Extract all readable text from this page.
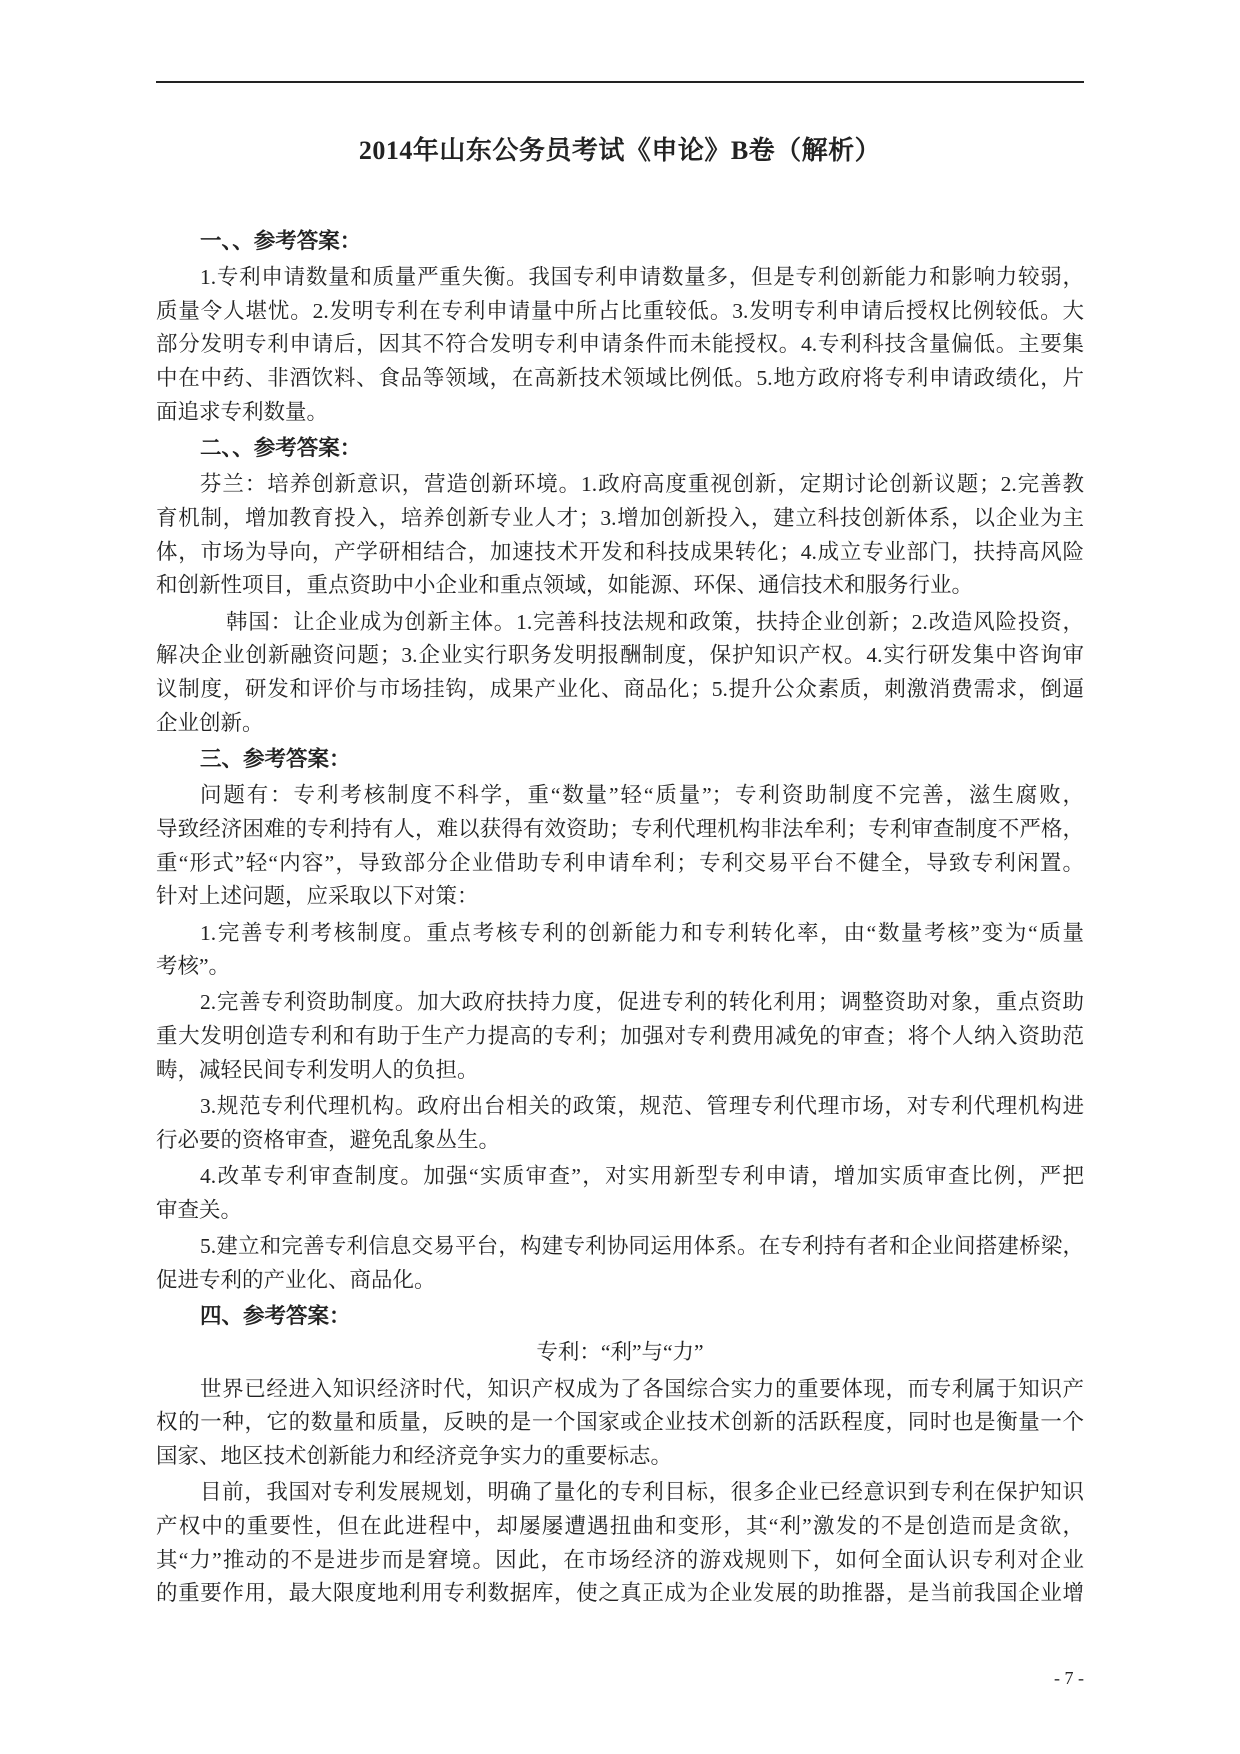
2014年山东公务员考试《申论》B卷（解析）
一、、参考答案：
1.专利申请数量和质量严重失衡。我国专利申请数量多，但是专利创新能力和影响力较弱，
质量令人堪忧。2.发明专利在专利申请量中所占比重较低。3.发明专利申请后授权比例较低。大
部分发明专利申请后，因其不符合发明专利申请条件而未能授权。4.专利科技含量偏低。主要集
中在中药、非酒饮料、食品等领域，在高新技术领域比例低。5.地方政府将专利申请政绩化，片
面追求专利数量。
二、、参考答案：
芬兰：培养创新意识，营造创新环境。1.政府高度重视创新，定期讨论创新议题；2.完善教
育机制，增加教育投入，培养创新专业人才；3.增加创新投入，建立科技创新体系，以企业为主
体，市场为导向，产学研相结合，加速技术开发和科技成果转化；4.成立专业部门，扶持高风险
和创新性项目，重点资助中小企业和重点领域，如能源、环保、通信技术和服务行业。
韩国：让企业成为创新主体。1.完善科技法规和政策，扶持企业创新；2.改造风险投资，
解决企业创新融资问题；3.企业实行职务发明报酬制度，保护知识产权。4.实行研发集中咨询审
议制度，研发和评价与市场挂钩，成果产业化、商品化；5.提升公众素质，刺激消费需求，倒逼
企业创新。
三、参考答案：
问题有：专利考核制度不科学，重“数量”轻“质量”；专利资助制度不完善，滋生腐败，
导致经济困难的专利持有人，难以获得有效资助；专利代理机构非法牟利；专利审查制度不严格，
重“形式”轻“内容”，导致部分企业借助专利申请牟利；专利交易平台不健全，导致专利闲置。
针对上述问题，应采取以下对策：
1.完善专利考核制度。重点考核专利的创新能力和专利转化率，由“数量考核”变为“质量
考核”。
2.完善专利资助制度。加大政府扶持力度，促进专利的转化利用；调整资助对象，重点资助
重大发明创造专利和有助于生产力提高的专利；加强对专利费用减免的审查；将个人纳入资助范
畴，减轻民间专利发明人的负担。
3.规范专利代理机构。政府出台相关的政策，规范、管理专利代理市场，对专利代理机构进
行必要的资格审查，避免乱象丛生。
4.改革专利审查制度。加强“实质审查”，对实用新型专利申请，增加实质审查比例，严把
审查关。
5.建立和完善专利信息交易平台，构建专利协同运用体系。在专利持有者和企业间搭建桥梁，
促进专利的产业化、商品化。
四、参考答案：
专利：“利”与“力”
世界已经进入知识经济时代，知识产权成为了各国综合实力的重要体现，而专利属于知识产
权的一种，它的数量和质量，反映的是一个国家或企业技术创新的活跃程度，同时也是衡量一个
国家、地区技术创新能力和经济竞争实力的重要标志。
目前，我国对专利发展规划，明确了量化的专利目标，很多企业已经意识到专利在保护知识
产权中的重要性，但在此进程中，却屡屡遭遇扭曲和变形，其“利”激发的不是创造而是贪欲，
其“力”推动的不是进步而是窘境。因此，在市场经济的游戏规则下，如何全面认识专利对企业
的重要作用，最大限度地利用专利数据库，使之真正成为企业发展的助推器，是当前我国企业增
- 7 -
